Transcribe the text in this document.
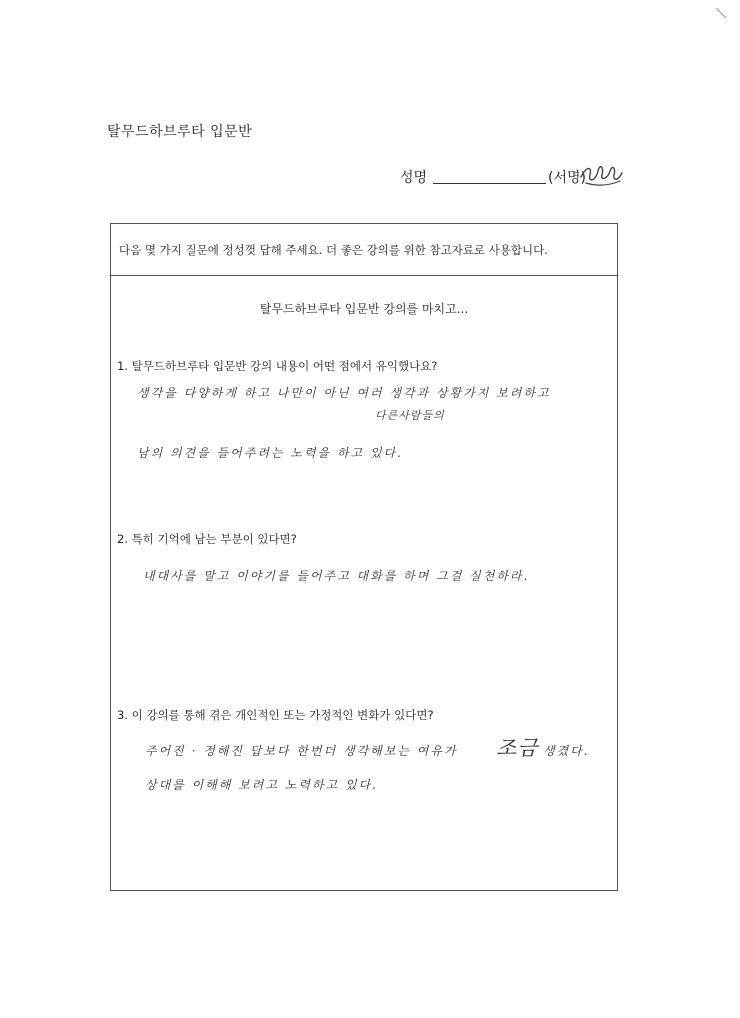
탈무드하브루타 입문반
성명	(서명)
다음 몇 가지 질문에 정성껏 답해 주세요. 더 좋은 강의를 위한 참고자료로 사용합니다.
탈무드하브루타 입문반 강의를 마치고...
1. 탈무드하브루타 입문반 강의 내용이 어떤 점에서 유익했나요?
생각을 다양하게 하고 나만이 아닌 여러 생각과 상황가지 보려하고
다른사람들의
남의 의견을 들어주려는 노력을 하고 있다.
2. 특히 기억에 남는 부분이 있다면?
내대사를 말고 이야기를 들어주고 대화를 하며 그걸 실천하라.
3. 이 강의를 통해 겪은 개인적인 또는 가정적인 변화가 있다면?
주어진 · 정해진 답보다 한번더 생각해보는 여유가 조금 생겼다.
상대를 이해해 보려고 노력하고 있다.
